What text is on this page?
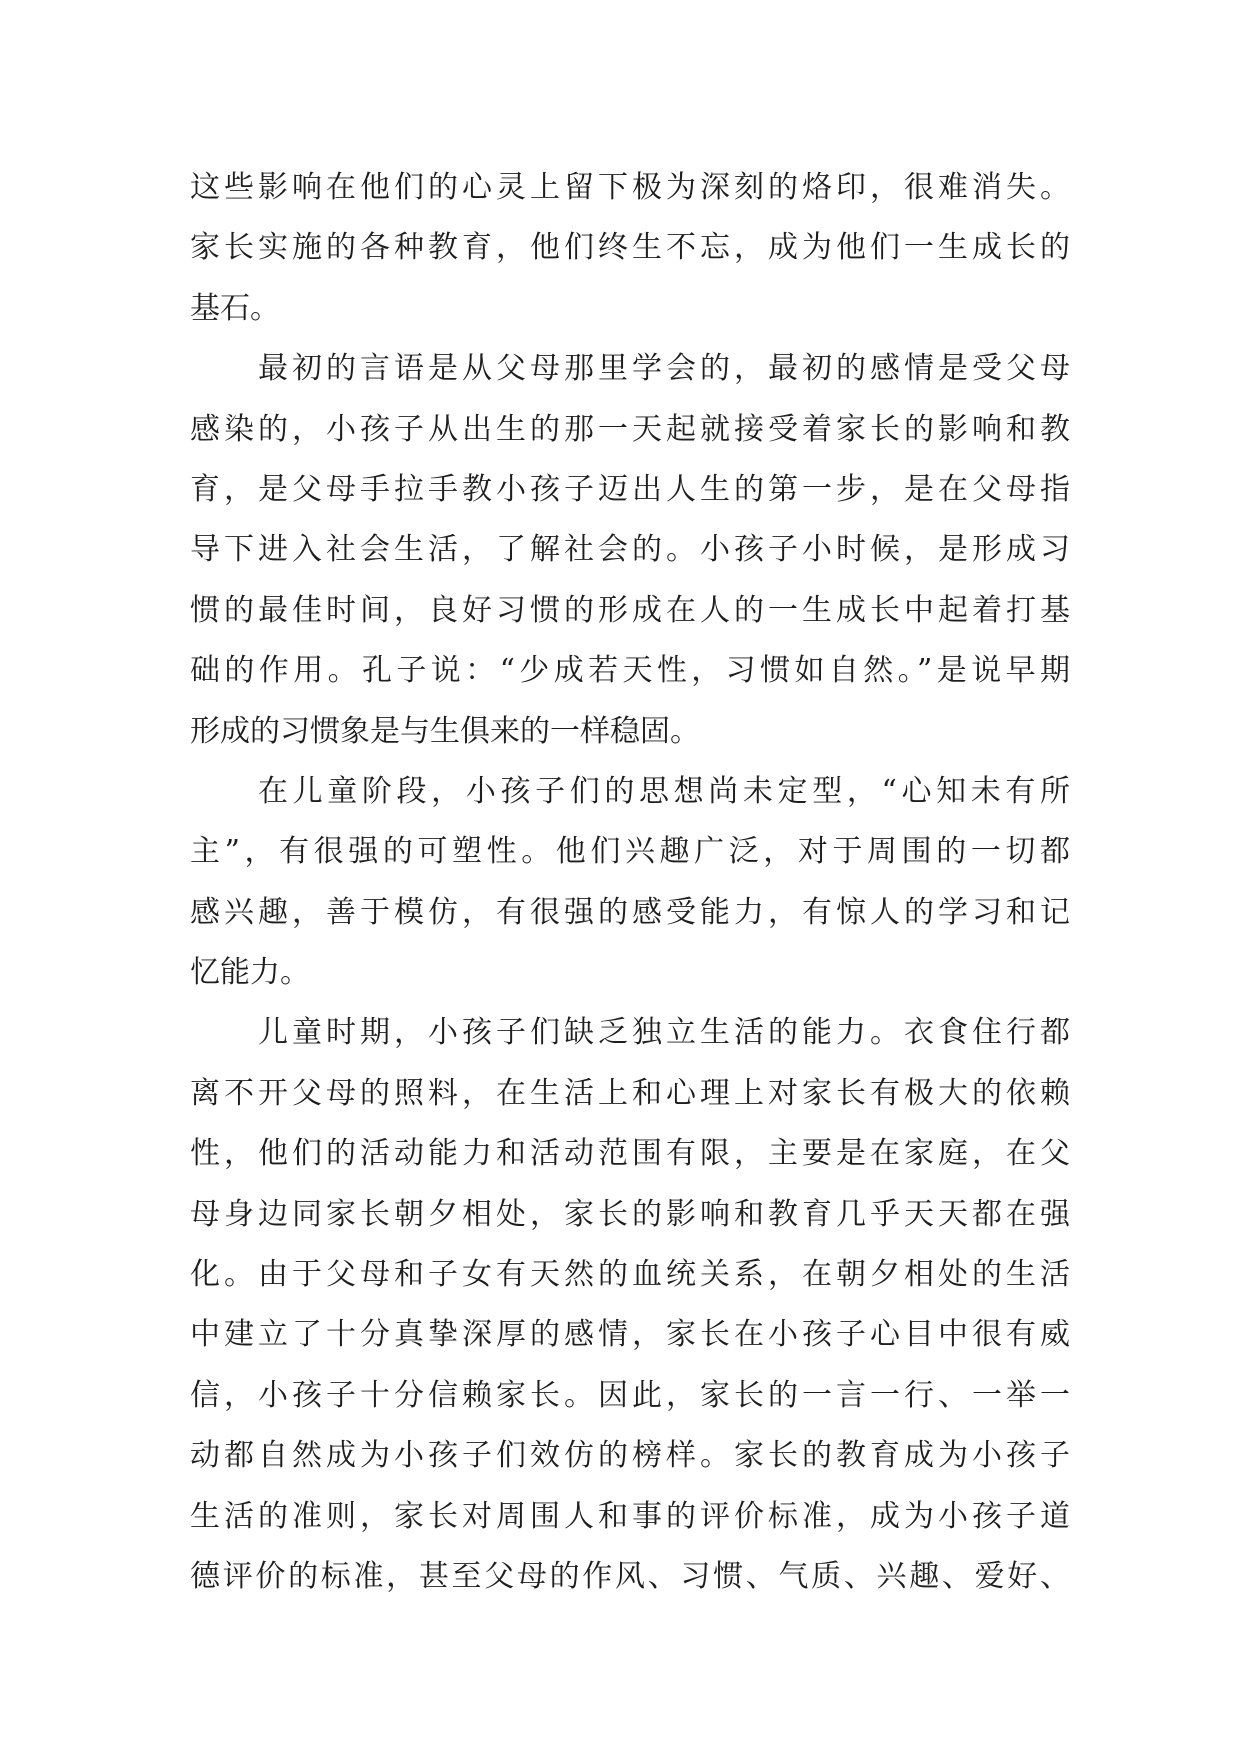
这些影响在他们的心灵上留下极为深刻的烙印，很难消失。
家长实施的各种教育，他们终生不忘，成为他们一生成长的
基石。
最初的言语是从父母那里学会的，最初的感情是受父母
感染的，小孩子从出生的那一天起就接受着家长的影响和教
育，是父母手拉手教小孩子迈出人生的第一步，是在父母指
导下进入社会生活，了解社会的。小孩子小时候，是形成习
惯的最佳时间，良好习惯的形成在人的一生成长中起着打基
础的作用。孔子说：“少成若天性，习惯如自然。”是说早期
形成的习惯象是与生俱来的一样稳固。
在儿童阶段，小孩子们的思想尚未定型，“心知未有所
主”，有很强的可塑性。他们兴趣广泛，对于周围的一切都
感兴趣，善于模仿，有很强的感受能力，有惊人的学习和记
忆能力。
儿童时期，小孩子们缺乏独立生活的能力。衣食住行都
离不开父母的照料，在生活上和心理上对家长有极大的依赖
性，他们的活动能力和活动范围有限，主要是在家庭，在父
母身边同家长朝夕相处，家长的影响和教育几乎天天都在强
化。由于父母和子女有天然的血统关系，在朝夕相处的生活
中建立了十分真挚深厚的感情，家长在小孩子心目中很有威
信，小孩子十分信赖家长。因此，家长的一言一行、一举一
动都自然成为小孩子们效仿的榜样。家长的教育成为小孩子
生活的准则，家长对周围人和事的评价标准，成为小孩子道
德评价的标准，甚至父母的作风、习惯、气质、兴趣、爱好、
